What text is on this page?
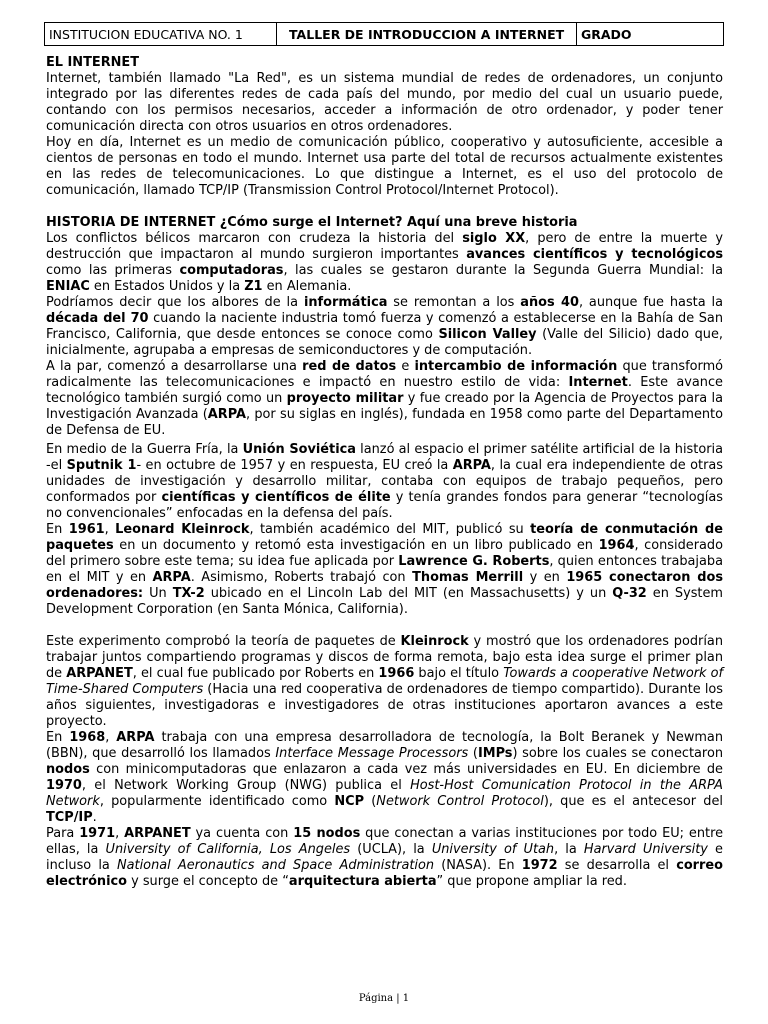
INSTITUCION EDUCATIVA NO. 1	TALLER DE INTRODUCCION A INTERNET	GRADO
EL INTERNET

Internet, también llamado "La Red", es un sistema mundial de redes de ordenadores, un conjunto integrado por las diferentes redes de cada país del mundo, por medio del cual un usuario puede, contando con los permisos necesarios, acceder a información de otro ordenador, y poder tener comunicación directa con otros usuarios en otros ordenadores.

Hoy en día, Internet es un medio de comunicación público, cooperativo y autosuficiente, accesible a cientos de personas en todo el mundo. Internet usa parte del total de recursos actualmente existentes en las redes de telecomunicaciones. Lo que distingue a Internet, es el uso del protocolo de comunicación, llamado TCP/IP (Transmission Control Protocol/Internet Protocol).

HISTORIA DE INTERNET ¿Cómo surge el Internet? Aquí una breve historia

Los conflictos bélicos marcaron con crudeza la historia del siglo XX, pero de entre la muerte y destrucción que impactaron al mundo surgieron importantes avances científicos y tecnológicos como las primeras computadoras, las cuales se gestaron durante la Segunda Guerra Mundial: la ENIAC en Estados Unidos y la Z1 en Alemania.

Podríamos decir que los albores de la informática se remontan a los años 40, aunque fue hasta la década del 70 cuando la naciente industria tomó fuerza y comenzó a establecerse en la Bahía de San Francisco, California, que desde entonces se conoce como Silicon Valley (Valle del Silicio) dado que, inicialmente, agrupaba a empresas de semiconductores y de computación.

A la par, comenzó a desarrollarse una red de datos e intercambio de información que transformó radicalmente las telecomunicaciones e impactó en nuestro estilo de vida: Internet. Este avance tecnológico también surgió como un proyecto militar y fue creado por la Agencia de Proyectos para la Investigación Avanzada (ARPA, por su siglas en inglés), fundada en 1958 como parte del Departamento de Defensa de EU.

En medio de la Guerra Fría, la Unión Soviética lanzó al espacio el primer satélite artificial de la historia -el Sputnik 1- en octubre de 1957 y en respuesta, EU creó la ARPA, la cual era independiente de otras unidades de investigación y desarrollo militar, contaba con equipos de trabajo pequeños, pero conformados por científicas y científicos de élite y tenía grandes fondos para generar “tecnologías no convencionales” enfocadas en la defensa del país.

En 1961, Leonard Kleinrock, también académico del MIT, publicó su teoría de conmutación de paquetes en un documento y retomó esta investigación en un libro publicado en 1964, considerado del primero sobre este tema; su idea fue aplicada por Lawrence G. Roberts, quien entonces trabajaba en el MIT y en ARPA. Asimismo, Roberts trabajó con Thomas Merrill y en 1965 conectaron dos ordenadores: Un TX-2 ubicado en el Lincoln Lab del MIT (en Massachusetts) y un Q-32 en System Development Corporation (en Santa Mónica, California).

Este experimento comprobó la teoría de paquetes de Kleinrock y mostró que los ordenadores podrían trabajar juntos compartiendo programas y discos de forma remota, bajo esta idea surge el primer plan de ARPANET, el cual fue publicado por Roberts en 1966 bajo el título Towards a cooperative Network of Time-Shared Computers (Hacia una red cooperativa de ordenadores de tiempo compartido). Durante los años siguientes, investigadoras e investigadores de otras instituciones aportaron avances a este proyecto.

En 1968, ARPA trabaja con una empresa desarrolladora de tecnología, la Bolt Beranek y Newman (BBN), que desarrolló los llamados Interface Message Processors (IMPs) sobre los cuales se conectaron nodos con minicomputadoras que enlazaron a cada vez más universidades en EU. En diciembre de 1970, el Network Working Group (NWG) publica el Host-Host Comunication Protocol in the ARPA Network, popularmente identificado como NCP (Network Control Protocol), que es el antecesor del TCP/IP.

Para 1971, ARPANET ya cuenta con 15 nodos que conectan a varias instituciones por todo EU; entre ellas, la University of California, Los Angeles (UCLA), la University of Utah, la Harvard University e incluso la National Aeronautics and Space Administration (NASA). En 1972 se desarrolla el correo electrónico y surge el concepto de “arquitectura abierta” que propone ampliar la red.

Página | 1
